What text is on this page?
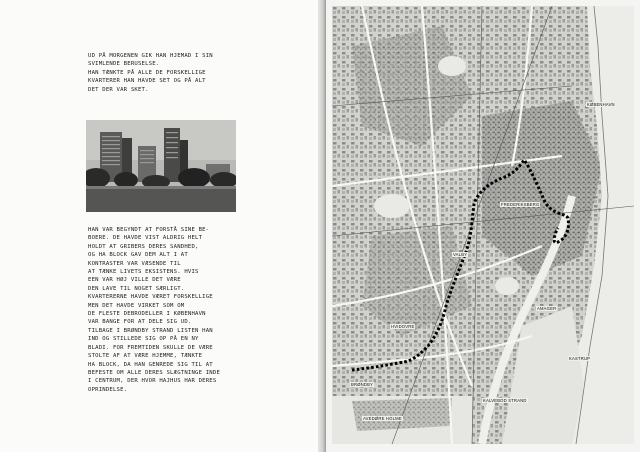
UD PÅ MORGENEN GIK HAN HJEMAD I SIN
SVIMLENDE BERUSELSE.
HAN TÆNKTE PÅ ALLE DE FORSKELLIGE
KVARTERER HAN HAVDE SET OG PÅ ALT
DET DER VAR SKET.
HAN VAR BEGYNDT AT FORSTÅ SINE BE-
BOERE. DE HAVDE VIST ALDRIG HELT
HOLDT AT GRIBERS DERES SANDHED,
OG HA BLOCK GAV DEM ALT I AT
KONTRASTER VAR VÆSENDE TIL
AT TÆNKE LIVETS EKSISTENS. HVIS
EEN VAR HØJ VILLE DET VÆRE
DEN LAVE TIL NOGET SÆRLIGT.
KVARTERERNE HAVDE VÆRET FORSKELLIGE
MEN DET HAVDE VIRKET SOM OM
DE FLESTE DEBRODELLER I KØBENHAVN
VAR BANGE FOR AT DELE SIG UD.
TILBAGE I BRØNDBY STRAND LISTEN HAN
IND OG STILLEDE SIG OP PÅ EN NY
BLADI. FOR FREMTIDEN SKULLE DE VÆRE
STOLTE AF AT VÆRE HJEMME, TÆNKTE
HA BLOCK, DA HAN GENREDE SIG TIL AT
BEFESTE OM ALLE DERES SLÆGTNINGE INDE
I CENTRUM, DER HVOR HAJHUS HAR DERES
OPRINDELSE.
KØBENHAVN
BRØNDBY
HVIDOVRE
AVEDØRE HOLME
KASTRUP
AMAGER
VALBY
FREDERIKSBERG
KALVEBOD STRAND
